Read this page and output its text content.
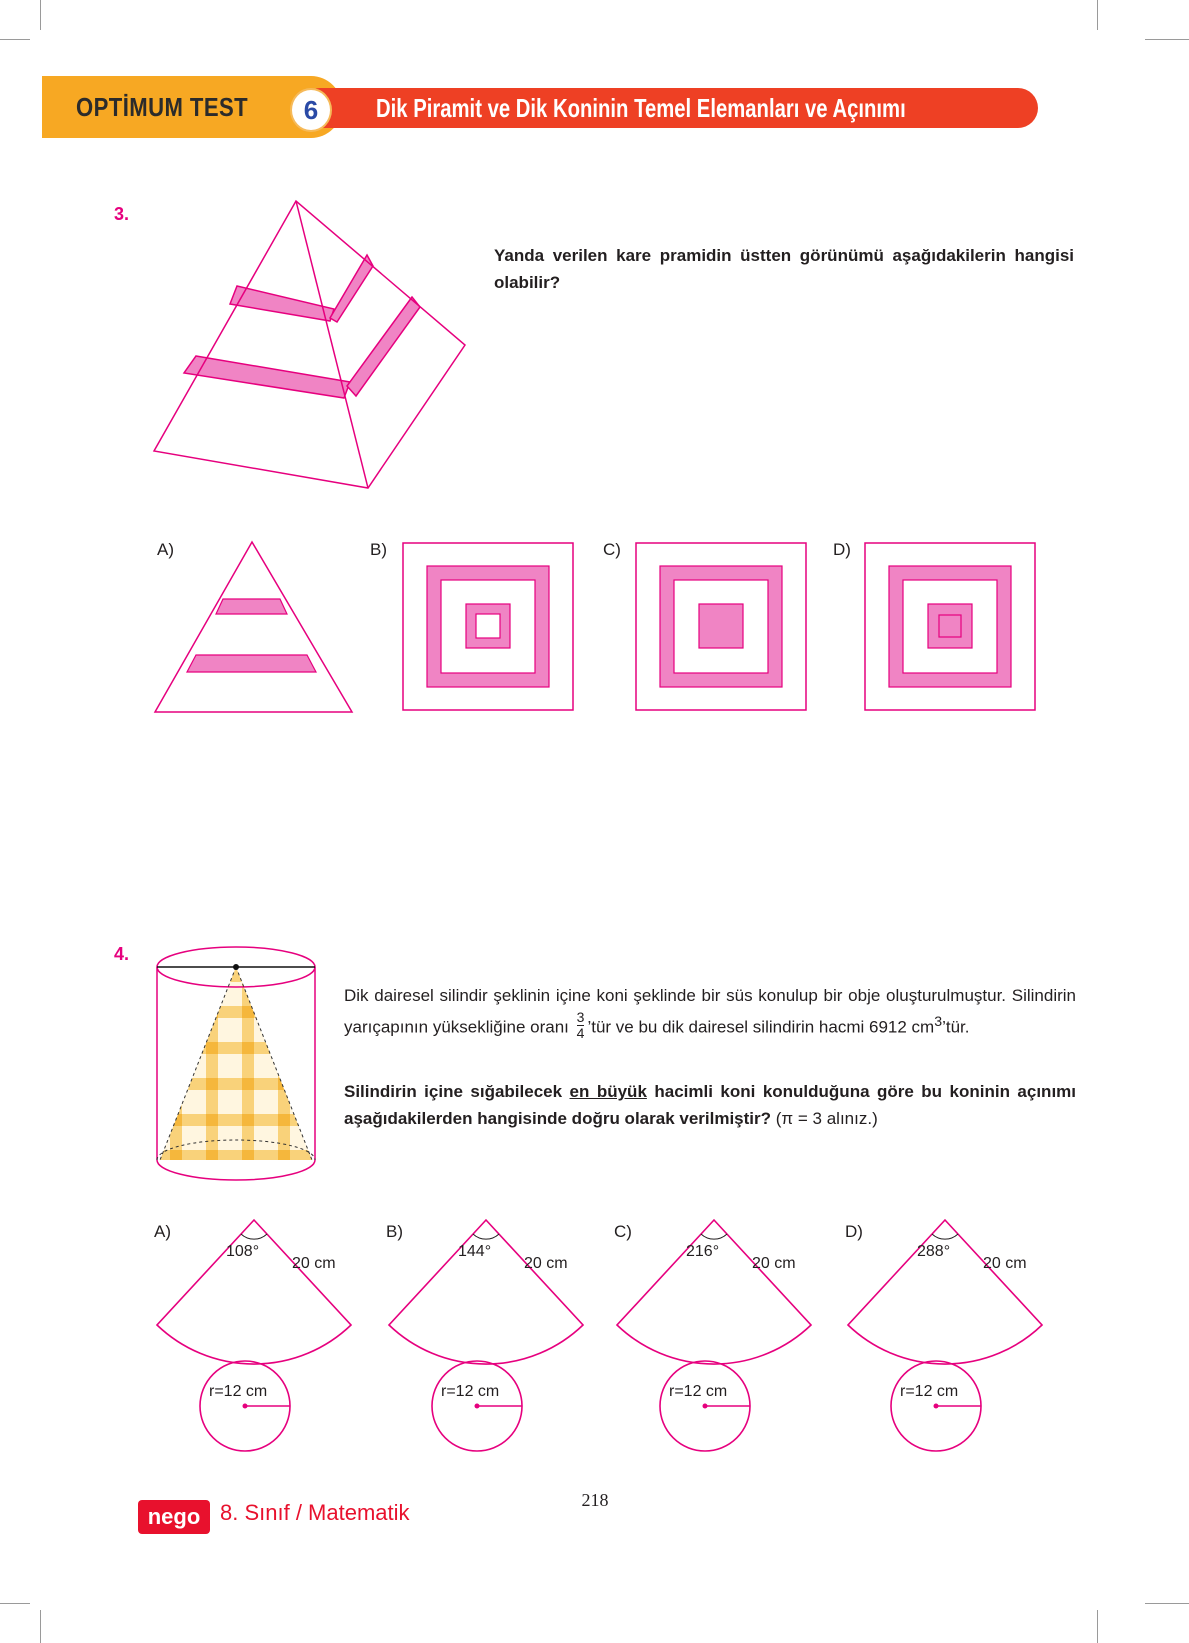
OPTİMUM TEST	6	Dik Piramit ve Dik Koninin Temel Elemanları ve Açınımı
3.
Yanda verilen kare pramidin üstten görünümü aşağıdakilerin hangisi olabilir?
A)	B)	C)	D)
4.
Dik dairesel silindir şeklinin içine koni şeklinde bir süs konulup bir obje oluşturulmuştur. Silindirin yarıçapının yüksekliğine oranı $\frac{3}{4}$ ’tür ve bu dik dairesel silindirin hacmi 6912 $cm^3’tür$.
Silindirin içine sığabilecek en büyük hacimli koni konulduğuna göre bu koninin açınımı aşağıdakilerden hangisinde doğru olarak verilmiştir? (π = 3 alınız.)
A)
108°
20 cm
r=12 cm
B)
144°
20 cm
r=12 cm
C)
216°
20 cm
r=12 cm
D)
288°
20 cm
r=12 cm
nego 8. Sınıf / Matematik	218
